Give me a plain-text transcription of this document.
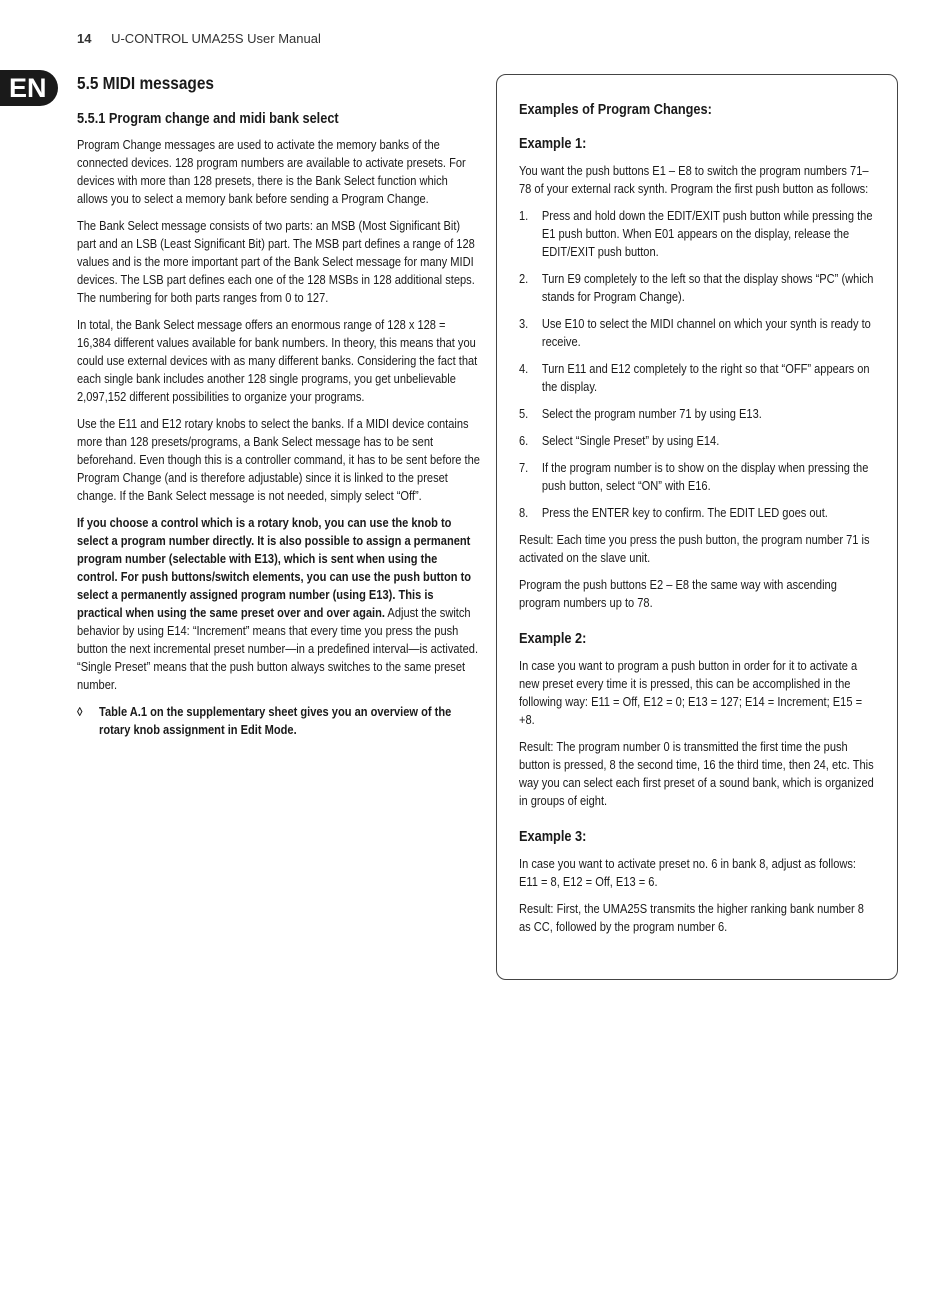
14 U-CONTROL UMA25S User Manual
EN	5.5 MIDI messages
5.5.1 Program change and midi bank select

Program Change messages are used to activate the memory banks of the connected devices. 128 program numbers are available to activate presets. For devices with more than 128 presets, there is the Bank Select function which allows you to select a memory bank before sending a Program Change.

The Bank Select message consists of two parts: an MSB (Most Significant Bit) part and an LSB (Least Significant Bit) part. The MSB part defines a range of 128 values and is the more important part of the Bank Select message for many MIDI devices. The LSB part defines each one of the 128 MSBs in 128 additional steps. The numbering for both parts ranges from 0 to 127.

In total, the Bank Select message offers an enormous range of 128 x 128 = 16,384 different values available for bank numbers. In theory, this means that you could use external devices with as many different banks. Considering the fact that each single bank includes another 128 single programs, you get unbelievable 2,097,152 different possibilities to organize your programs.

Use the E11 and E12 rotary knobs to select the banks. If a MIDI device contains more than 128 presets/programs, a Bank Select message has to be sent beforehand. Even though this is a controller command, it has to be sent before the Program Change (and is therefore adjustable) since it is linked to the preset change. If the Bank Select message is not needed, simply select “Off”.

If you choose a control which is a rotary knob, you can use the knob to select a program number directly. It is also possible to assign a permanent program number (selectable with E13), which is sent when using the control. For push buttons/switch elements, you can use the push button to select a permanently assigned program number (using E13). This is practical when using the same preset over and over again. Adjust the switch behavior by using E14: “Increment” means that every time you press the push button the next incremental preset number—in a predefined interval—is activated. “Single Preset” means that the push button always switches to the same preset number.

◊ Table A.1 on the supplementary sheet gives you an overview of the rotary knob assignment in Edit Mode.
Examples of Program Changes:
Example 1:

You want the push buttons E1 – E8 to switch the program numbers 71–78 of your external rack synth. Program the first push button as follows:

1. Press and hold down the EDIT/EXIT push button while pressing the E1 push button. When E01 appears on the display, release the EDIT/EXIT push button.
2. Turn E9 completely to the left so that the display shows “PC” (which stands for Program Change).
3. Use E10 to select the MIDI channel on which your synth is ready to receive.
4. Turn E11 and E12 completely to the right so that “OFF” appears on the display.
5. Select the program number 71 by using E13.
6. Select “Single Preset” by using E14.
7. If the program number is to show on the display when pressing the push button, select “ON” with E16.
8. Press the ENTER key to confirm. The EDIT LED goes out.

Result: Each time you press the push button, the program number 71 is activated on the slave unit.

Program the push buttons E2 – E8 the same way with ascending program numbers up to 78.

Example 2:

In case you want to program a push button in order for it to activate a new preset every time it is pressed, this can be accomplished in the following way: E11 = Off, E12 = 0; E13 = 127; E14 = Increment; E15 = +8.

Result: The program number 0 is transmitted the first time the push button is pressed, 8 the second time, 16 the third time, then 24, etc. This way you can select each first preset of a sound bank, which is organized in groups of eight.

Example 3:

In case you want to activate preset no. 6 in bank 8, adjust as follows: E11 = 8, E12 = Off, E13 = 6.

Result: First, the UMA25S transmits the higher ranking bank number 8 as CC, followed by the program number 6.
